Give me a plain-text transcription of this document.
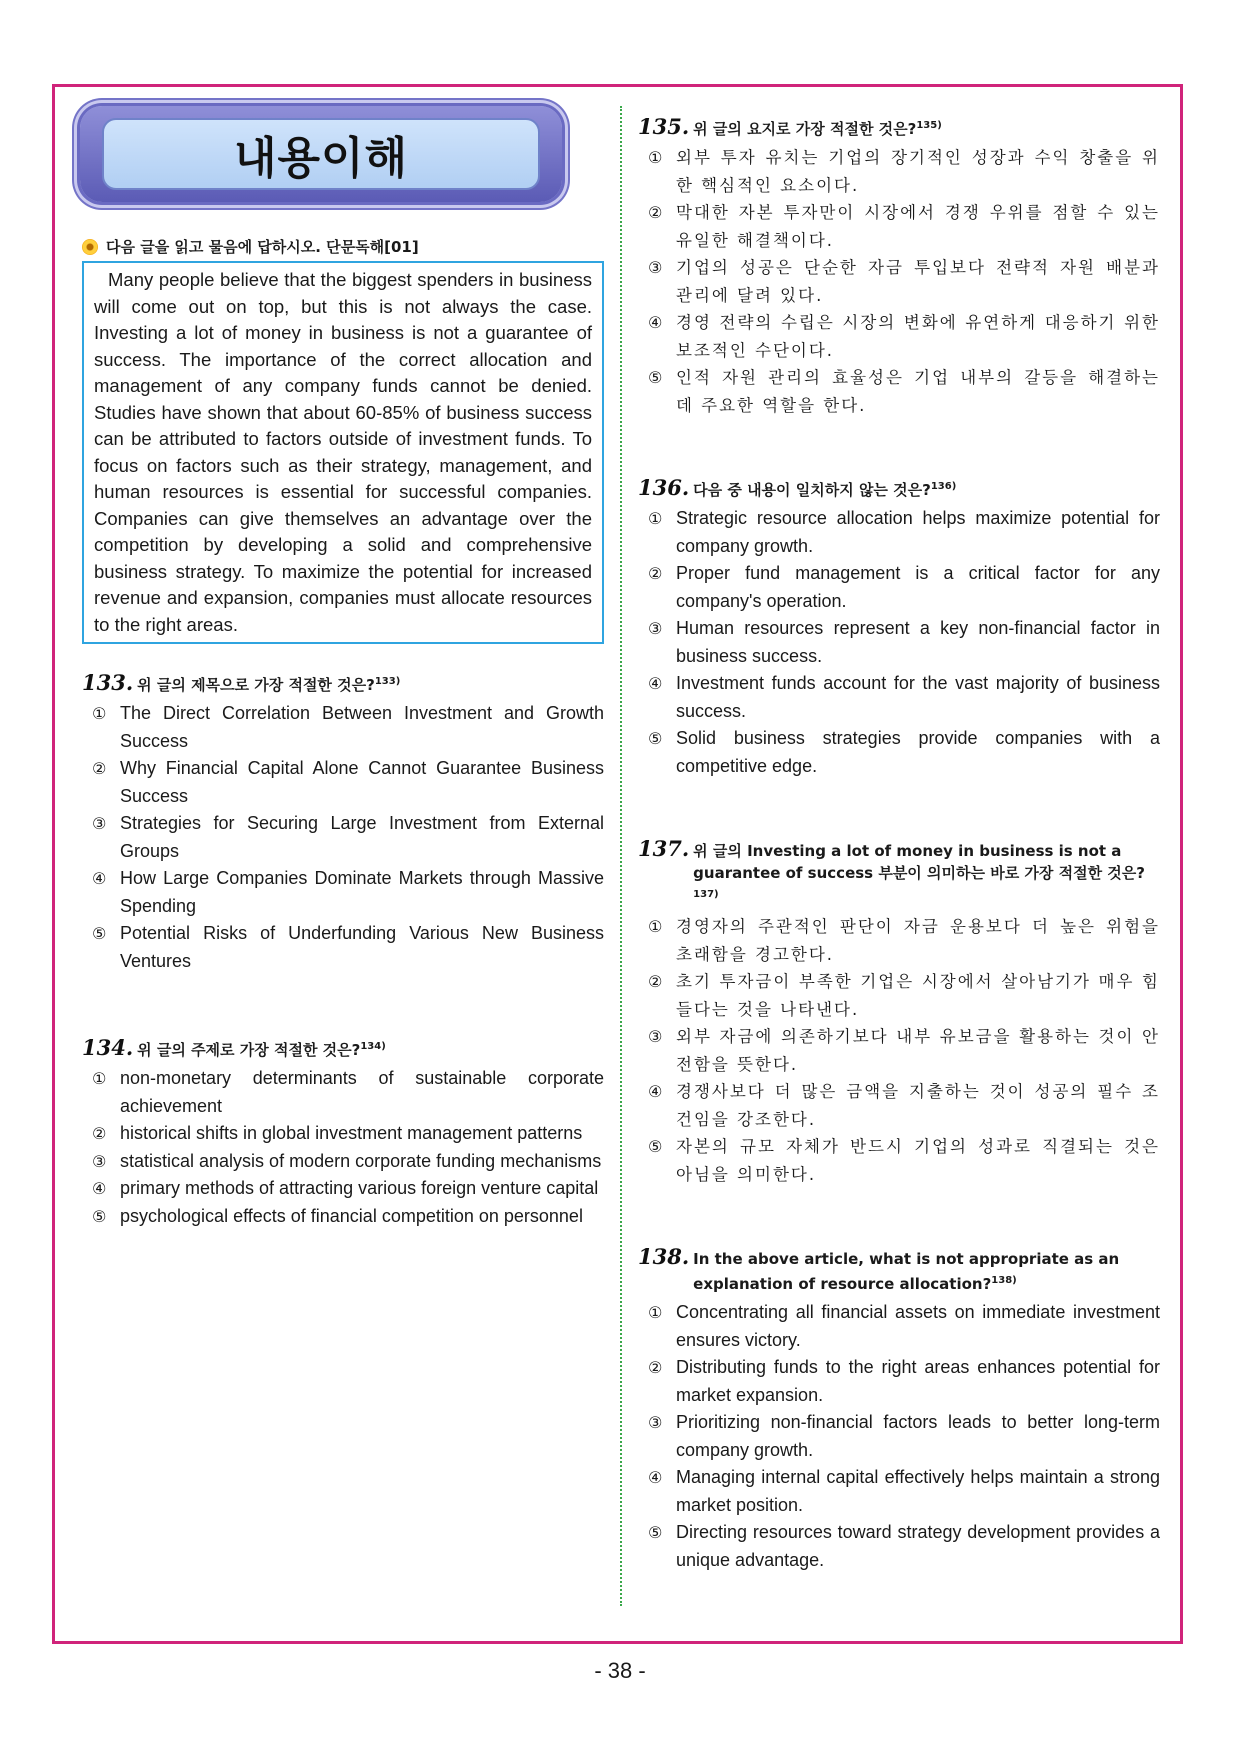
내용이해
다음 글을 읽고 물음에 답하시오. 단문독해[01]
Many people believe that the biggest spenders in business will come out on top, but this is not always the case. Investing a lot of money in business is not a guarantee of success. The importance of the correct allocation and management of any company funds cannot be denied. Studies have shown that about 60-85% of business success can be attributed to factors outside of investment funds. To focus on factors such as their strategy, management, and human resources is essential for successful companies. Companies can give themselves an advantage over the competition by developing a solid and comprehensive business strategy. To maximize the potential for increased revenue and expansion, companies must allocate resources to the right areas.
133. 위 글의 제목으로 가장 적절한 것은?$^{133)}$
① The Direct Correlation Between Investment and Growth Success
② Why Financial Capital Alone Cannot Guarantee Business Success
③ Strategies for Securing Large Investment from External Groups
④ How Large Companies Dominate Markets through Massive Spending
⑤ Potential Risks of Underfunding Various New Business Ventures
134. 위 글의 주제로 가장 적절한 것은?$^{134)}$
① non-monetary determinants of sustainable corporate achievement
② historical shifts in global investment management patterns
③ statistical analysis of modern corporate funding mechanisms
④ primary methods of attracting various foreign venture capital
⑤ psychological effects of financial competition on personnel
135. 위 글의 요지로 가장 적절한 것은?$^{135)}$
① 외부 투자 유치는 기업의 장기적인 성장과 수익 창출을 위한 핵심적인 요소이다.
② 막대한 자본 투자만이 시장에서 경쟁 우위를 점할 수 있는 유일한 해결책이다.
③ 기업의 성공은 단순한 자금 투입보다 전략적 자원 배분과 관리에 달려 있다.
④ 경영 전략의 수립은 시장의 변화에 유연하게 대응하기 위한 보조적인 수단이다.
⑤ 인적 자원 관리의 효율성은 기업 내부의 갈등을 해결하는 데 주요한 역할을 한다.
136. 다음 중 내용이 일치하지 않는 것은?$^{136)}$
① Strategic resource allocation helps maximize potential for company growth.
② Proper fund management is a critical factor for any company's operation.
③ Human resources represent a key non-financial factor in business success.
④ Investment funds account for the vast majority of business success.
⑤ Solid business strategies provide companies with a competitive edge.
137. 위 글의 Investing a lot of money in business is not a guarantee of success 부분이 의미하는 바로 가장 적절한 것은?$^{137)}$
① 경영자의 주관적인 판단이 자금 운용보다 더 높은 위험을 초래함을 경고한다.
② 초기 투자금이 부족한 기업은 시장에서 살아남기가 매우 힘들다는 것을 나타낸다.
③ 외부 자금에 의존하기보다 내부 유보금을 활용하는 것이 안전함을 뜻한다.
④ 경쟁사보다 더 많은 금액을 지출하는 것이 성공의 필수 조건임을 강조한다.
⑤ 자본의 규모 자체가 반드시 기업의 성과로 직결되는 것은 아님을 의미한다.
138. In the above article, what is not appropriate as an explanation of resource allocation?$^{138)}$
① Concentrating all financial assets on immediate investment ensures victory.
② Distributing funds to the right areas enhances potential for market expansion.
③ Prioritizing non-financial factors leads to better long-term company growth.
④ Managing internal capital effectively helps maintain a strong market position.
⑤ Directing resources toward strategy development provides a unique advantage.
- 38 -
